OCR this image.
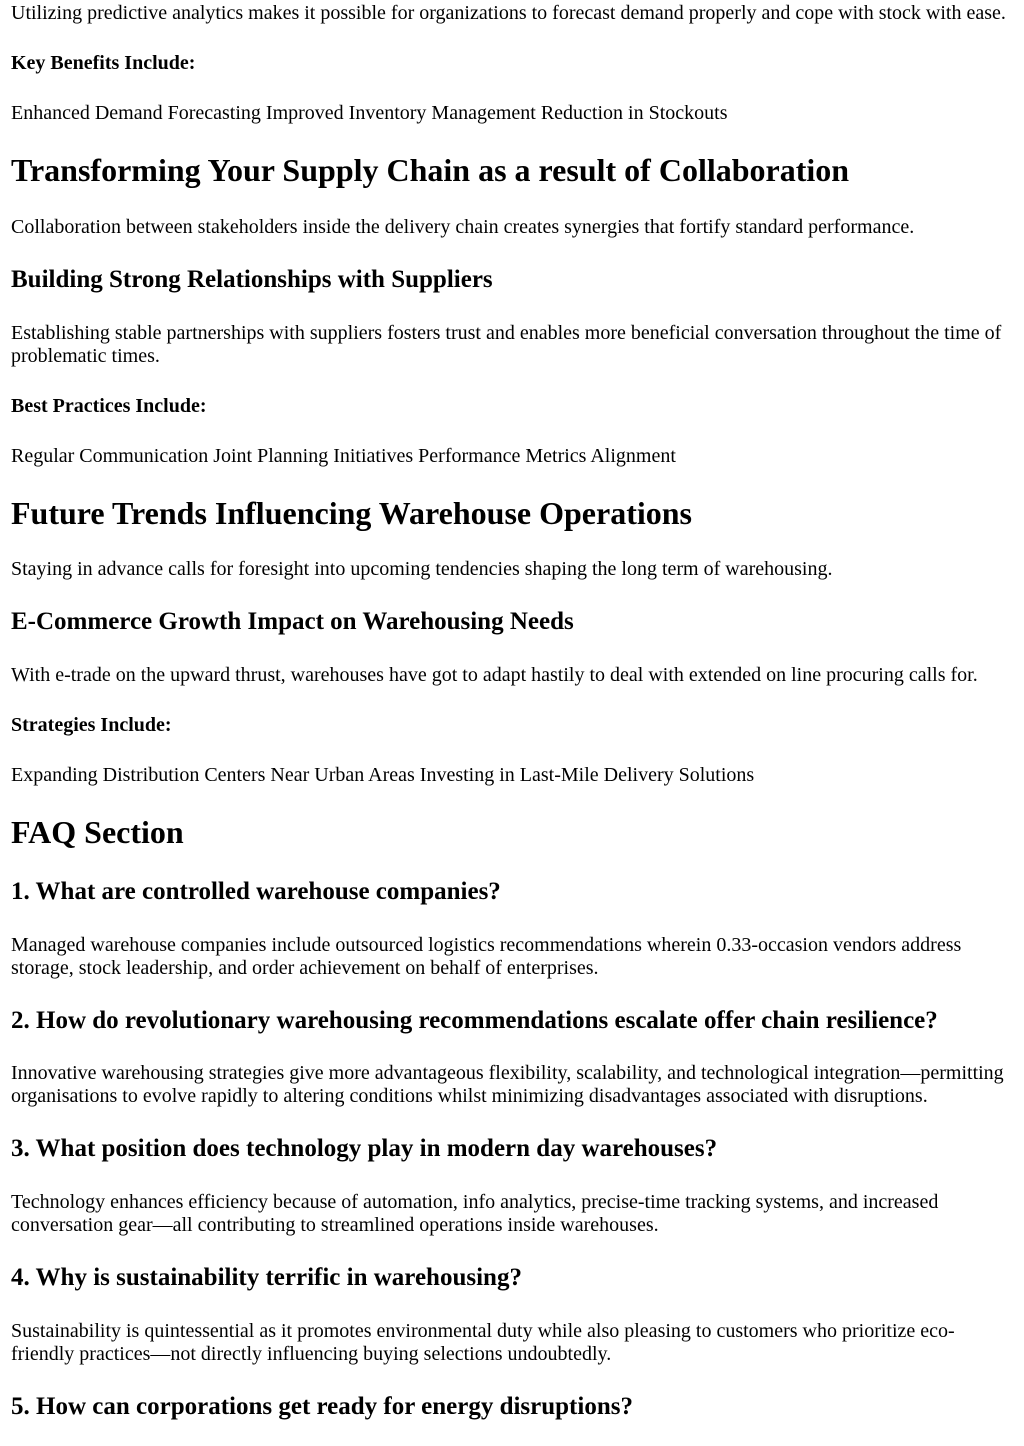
Utilizing predictive analytics makes it possible for organizations to forecast demand properly and cope with stock with ease.

Key Benefits Include:

Enhanced Demand Forecasting Improved Inventory Management Reduction in Stockouts

Transforming Your Supply Chain as a result of Collaboration

Collaboration between stakeholders inside the delivery chain creates synergies that fortify standard performance.

Building Strong Relationships with Suppliers

Establishing stable partnerships with suppliers fosters trust and enables more beneficial conversation throughout the time of problematic times.

Best Practices Include:

Regular Communication Joint Planning Initiatives Performance Metrics Alignment

Future Trends Influencing Warehouse Operations

Staying in advance calls for foresight into upcoming tendencies shaping the long term of warehousing.

E-Commerce Growth Impact on Warehousing Needs

With e-trade on the upward thrust, warehouses have got to adapt hastily to deal with extended on line procuring calls for.

Strategies Include:

Expanding Distribution Centers Near Urban Areas Investing in Last-Mile Delivery Solutions

FAQ Section
1. What are controlled warehouse companies?

Managed warehouse companies include outsourced logistics recommendations wherein 0.33-occasion vendors address storage, stock leadership, and order achievement on behalf of enterprises.

2. How do revolutionary warehousing recommendations escalate offer chain resilience?

Innovative warehousing strategies give more advantageous flexibility, scalability, and technological integration—permitting organisations to evolve rapidly to altering conditions whilst minimizing disadvantages associated with disruptions.

3. What position does technology play in modern day warehouses?

Technology enhances efficiency because of automation, info analytics, precise-time tracking systems, and increased conversation gear—all contributing to streamlined operations inside warehouses.

4. Why is sustainability terrific in warehousing?

Sustainability is quintessential as it promotes environmental duty while also pleasing to customers who prioritize eco-friendly practices—not directly influencing buying selections undoubtedly.

5. How can corporations get ready for energy disruptions?
